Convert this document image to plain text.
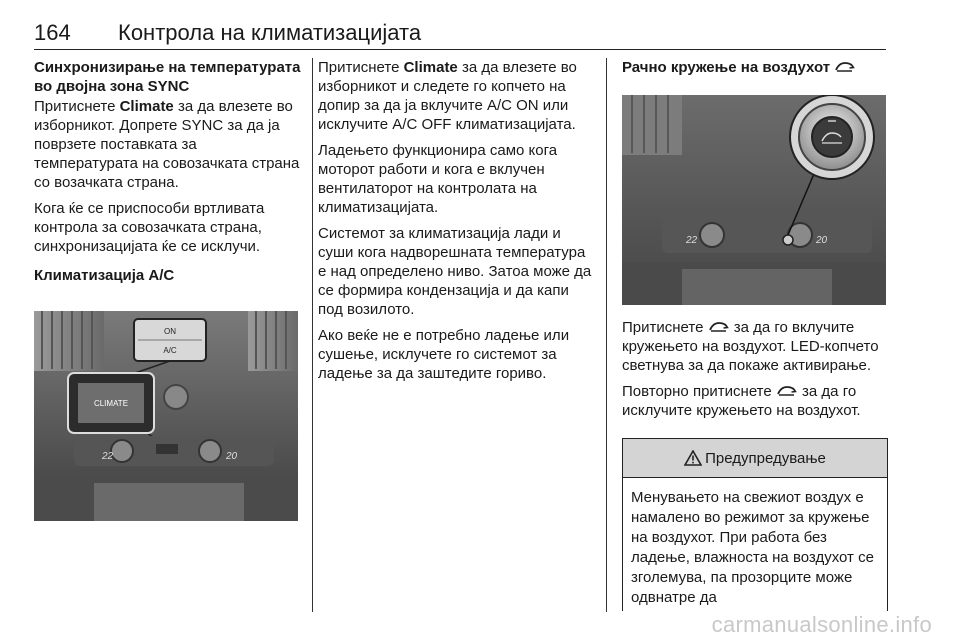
164 Контрола на климатизацијата
Синхронизирање на температурата во двојна зона SYNC

Притиснете Climate за да влезете во изборникот. Допрете SYNC за да ја поврзете поставката за температурата на совозачката страна со возачката страна.

Кога ќе се приспособи вртливата контрола за совозачката страна, синхронизацијата ќе се исклучи.

Климатизација A/C
ON
A/C
CLIMATE
22	20

Притиснете Climate за да влезете во изборникот и следете го копчето на допир за да ја вклучите A/C ON или исклучите A/C OFF климатизацијата.

Ладењето функционира само кога моторот работи и кога е вклучен вентилаторот на контролата на климатизацијата.

Системот за климатизација лади и суши кога надворешната температура е над определено ниво. Затоа може да се формира кондензација и да капи под возилото.

Ако веќе не е потребно ладење или сушење, исклучете го системот за ладење за да заштедите гориво.

Рачно кружење на воздухот
22	20

Притиснете  за да го вклучите кружењето на воздухот. LED-копчето светнува за да покаже активирање.

Повторно притиснете  за да го исклучите кружењето на воздухот.

Предупредување
Менувањето на свежиот воздух е намалено во режимот за кружење на воздухот. При работа без ладење, влажноста на воздухот се зголемува, па прозорците може одвнатре да
carmanualsonline.info
